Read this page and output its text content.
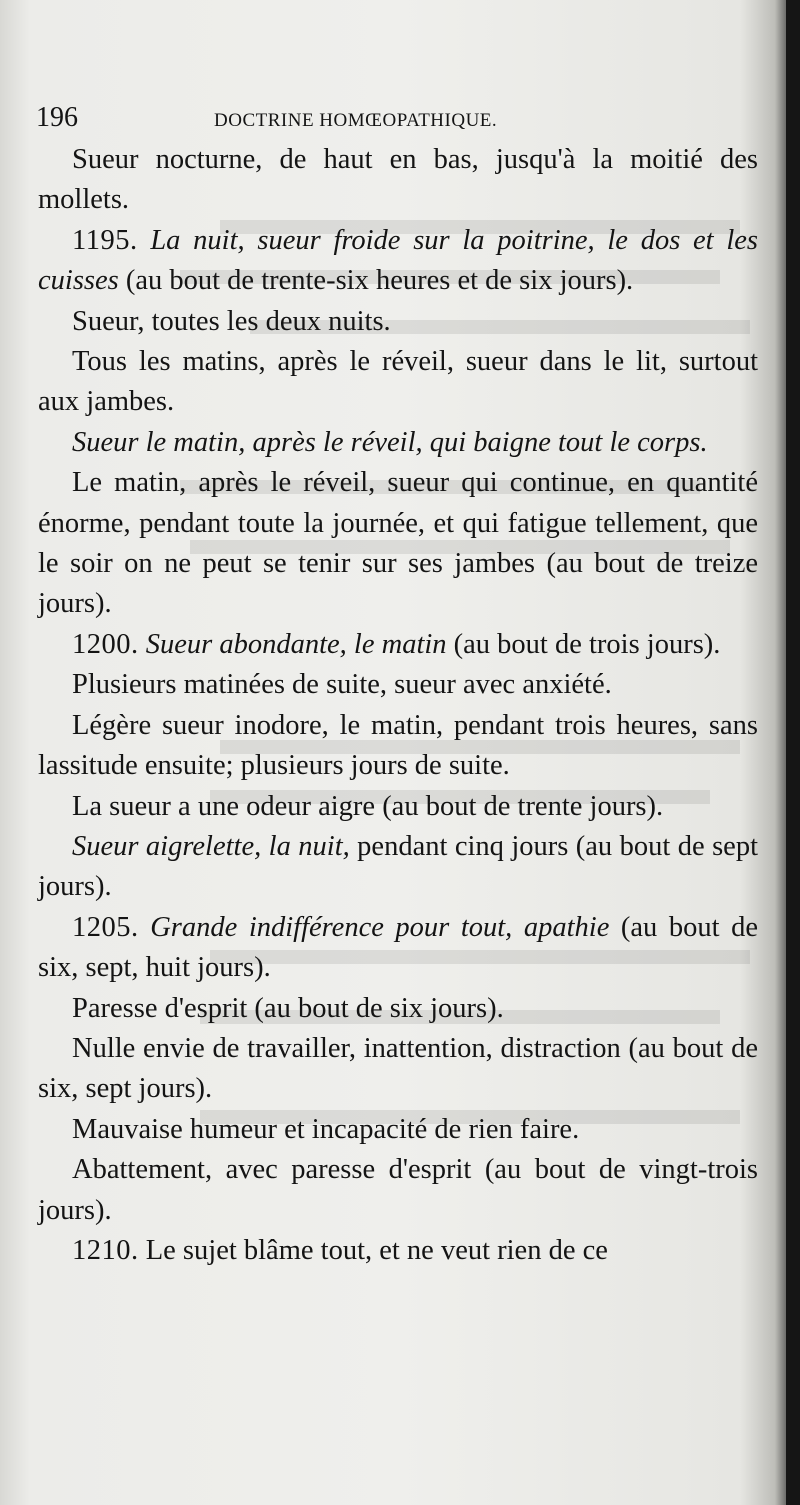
196	DOCTRINE HOMŒOPATHIQUE.

Sueur nocturne, de haut en bas, jusqu'à la moitié des mollets.

1195. La nuit, sueur froide sur la poitrine, le dos et les cuisses (au bout de trente-six heures et de six jours).

Sueur, toutes les deux nuits.

Tous les matins, après le réveil, sueur dans le lit, surtout aux jambes.

Sueur le matin, après le réveil, qui baigne tout le corps.

Le matin, après le réveil, sueur qui continue, en quantité énorme, pendant toute la journée, et qui fatigue tellement, que le soir on ne peut se tenir sur ses jambes (au bout de treize jours).

1200. Sueur abondante, le matin (au bout de trois jours).

Plusieurs matinées de suite, sueur avec anxiété.

Légère sueur inodore, le matin, pendant trois heures, sans lassitude ensuite; plusieurs jours de suite.

La sueur a une odeur aigre (au bout de trente jours).

Sueur aigrelette, la nuit, pendant cinq jours (au bout de sept jours).

1205. Grande indifférence pour tout, apathie (au bout de six, sept, huit jours).

Paresse d'esprit (au bout de six jours).

Nulle envie de travailler, inattention, distraction (au bout de six, sept jours).

Mauvaise humeur et incapacité de rien faire.

Abattement, avec paresse d'esprit (au bout de vingt-trois jours).

1210. Le sujet blâme tout, et ne veut rien de ce
